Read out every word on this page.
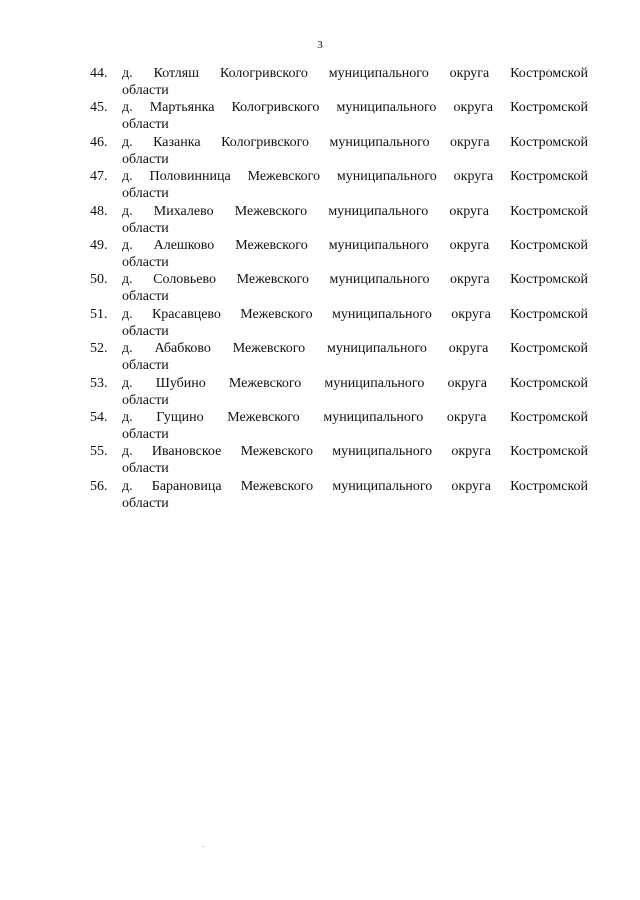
3
44.	д. Котляш Кологривского муниципального округа Костромской
области
45.	д. Мартьянка Кологривского муниципального округа Костромской
области
46.	д. Казанка Кологривского муниципального округа Костромской
области
47.	д. Половинница Межевского муниципального округа Костромской
области
48.	д. Михалево Межевского муниципального округа Костромской
области
49.	д. Алешково Межевского муниципального округа Костромской
области
50.	д. Соловьево Межевского муниципального округа Костромской
области
51.	д. Красавцево Межевского муниципального округа Костромской
области
52.	д. Абабково Межевского муниципального округа Костромской
области
53.	д. Шубино Межевского муниципального округа Костромской
области
54.	д. Гущино Межевского муниципального округа Костромской
области
55.	д. Ивановское Межевского муниципального округа Костромской
области
56.	д. Барановица Межевского муниципального округа Костромской
области
